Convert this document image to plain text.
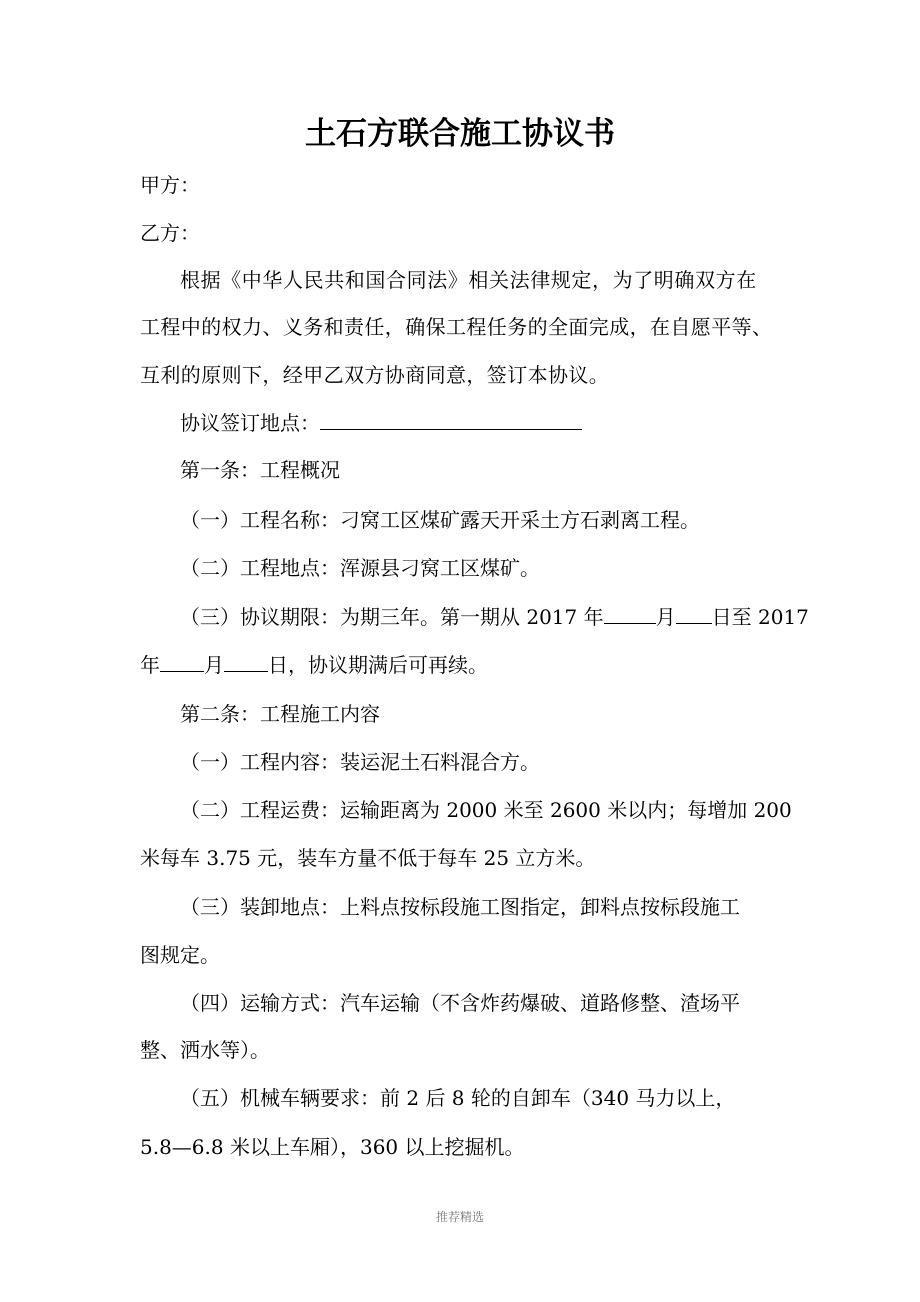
土石方联合施工协议书
甲方：
乙方：
根据《中华人民共和国合同法》相关法律规定，为了明确双方在
工程中的权力、义务和责任，确保工程任务的全面完成，在自愿平等、
互利的原则下，经甲乙双方协商同意，签订本协议。
协议签订地点：
第一条：工程概况
（一）工程名称：刁窝工区煤矿露天开采土方石剥离工程。
（二）工程地点：浑源县刁窝工区煤矿。
（三）协议期限：为期三年。第一期从 2017 年	月 日至 2017
年 月 日，协议期满后可再续。
第二条：工程施工内容
（一）工程内容：装运泥土石料混合方。
（二）工程运费：运输距离为 2000 米至 2600 米以内；每增加 200
米每车 3.75 元，装车方量不低于每车 25 立方米。
（三）装卸地点：上料点按标段施工图指定，卸料点按标段施工
图规定。
（四）运输方式：汽车运输（不含炸药爆破、道路修整、渣场平
整、洒水等）。
（五）机械车辆要求：前 2 后 8 轮的自卸车（340 马力以上，
5.8—6.8 米以上车厢），360 以上挖掘机。
推荐精选
